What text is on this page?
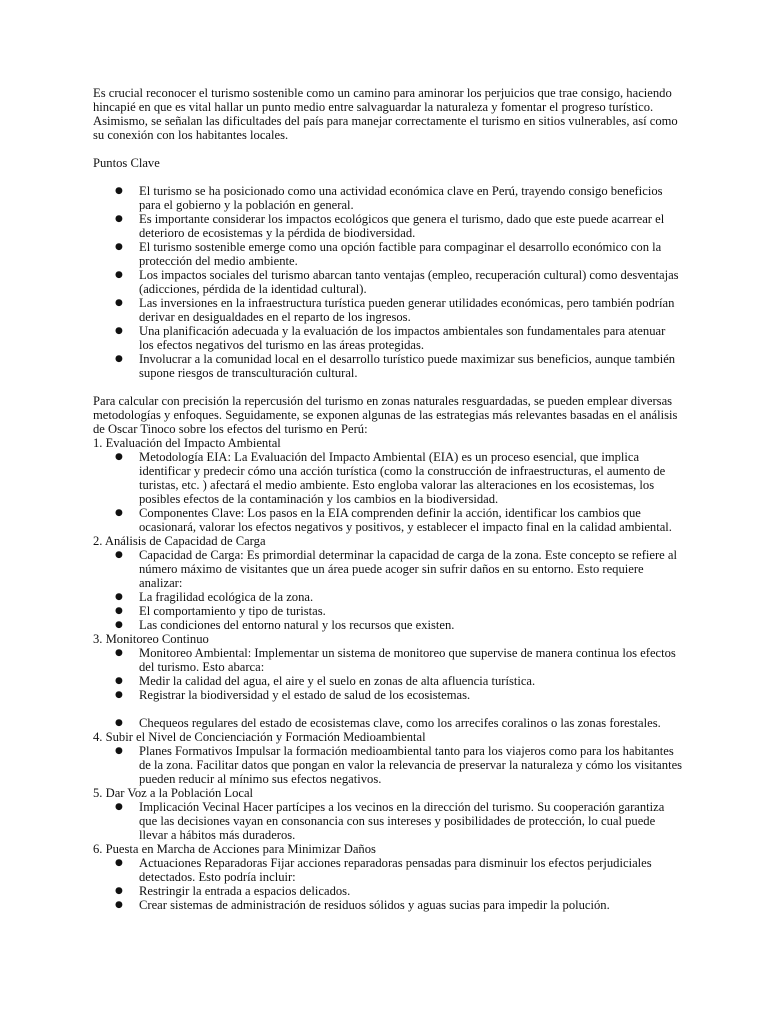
Es crucial reconocer el turismo sostenible como un camino para aminorar los perjuicios que trae consigo, haciendo hincapié en que es vital hallar un punto medio entre salvaguardar la naturaleza y fomentar el progreso turístico. Asimismo, se señalan las dificultades del país para manejar correctamente el turismo en sitios vulnerables, así como su conexión con los habitantes locales.

Puntos Clave

● El turismo se ha posicionado como una actividad económica clave en Perú, trayendo consigo beneficios para el gobierno y la población en general.
● Es importante considerar los impactos ecológicos que genera el turismo, dado que este puede acarrear el deterioro de ecosistemas y la pérdida de biodiversidad.
● El turismo sostenible emerge como una opción factible para compaginar el desarrollo económico con la protección del medio ambiente.
● Los impactos sociales del turismo abarcan tanto ventajas (empleo, recuperación cultural) como desventajas (adicciones, pérdida de la identidad cultural).
● Las inversiones en la infraestructura turística pueden generar utilidades económicas, pero también podrían derivar en desigualdades en el reparto de los ingresos.
● Una planificación adecuada y la evaluación de los impactos ambientales son fundamentales para atenuar los efectos negativos del turismo en las áreas protegidas.
● Involucrar a la comunidad local en el desarrollo turístico puede maximizar sus beneficios, aunque también supone riesgos de transculturación cultural.

Para calcular con precisión la repercusión del turismo en zonas naturales resguardadas, se pueden emplear diversas metodologías y enfoques. Seguidamente, se exponen algunas de las estrategias más relevantes basadas en el análisis de Oscar Tinoco sobre los efectos del turismo en Perú:

1. Evaluación del Impacto Ambiental

● Metodología EIA: La Evaluación del Impacto Ambiental (EIA) es un proceso esencial, que implica identificar y predecir cómo una acción turística (como la construcción de infraestructuras, el aumento de turistas, etc. ) afectará el medio ambiente. Esto engloba valorar las alteraciones en los ecosistemas, los posibles efectos de la contaminación y los cambios en la biodiversidad.
● Componentes Clave: Los pasos en la EIA comprenden definir la acción, identificar los cambios que ocasionará, valorar los efectos negativos y positivos, y establecer el impacto final en la calidad ambiental.

2. Análisis de Capacidad de Carga

● Capacidad de Carga: Es primordial determinar la capacidad de carga de la zona. Este concepto se refiere al número máximo de visitantes que un área puede acoger sin sufrir daños en su entorno. Esto requiere analizar:
● La fragilidad ecológica de la zona.
● El comportamiento y tipo de turistas.
● Las condiciones del entorno natural y los recursos que existen.

3. Monitoreo Continuo

● Monitoreo Ambiental: Implementar un sistema de monitoreo que supervise de manera continua los efectos del turismo. Esto abarca:
● Medir la calidad del agua, el aire y el suelo en zonas de alta afluencia turística.
● Registrar la biodiversidad y el estado de salud de los ecosistemas.
● Chequeos regulares del estado de ecosistemas clave, como los arrecifes coralinos o las zonas forestales.

4. Subir el Nivel de Concienciación y Formación Medioambiental

● Planes Formativos Impulsar la formación medioambiental tanto para los viajeros como para los habitantes de la zona. Facilitar datos que pongan en valor la relevancia de preservar la naturaleza y cómo los visitantes pueden reducir al mínimo sus efectos negativos.

5. Dar Voz a la Población Local

● Implicación Vecinal Hacer partícipes a los vecinos en la dirección del turismo. Su cooperación garantiza que las decisiones vayan en consonancia con sus intereses y posibilidades de protección, lo cual puede llevar a hábitos más duraderos.

6. Puesta en Marcha de Acciones para Minimizar Daños

● Actuaciones Reparadoras Fijar acciones reparadoras pensadas para disminuir los efectos perjudiciales detectados. Esto podría incluir:
● Restringir la entrada a espacios delicados.
● Crear sistemas de administración de residuos sólidos y aguas sucias para impedir la polución.
